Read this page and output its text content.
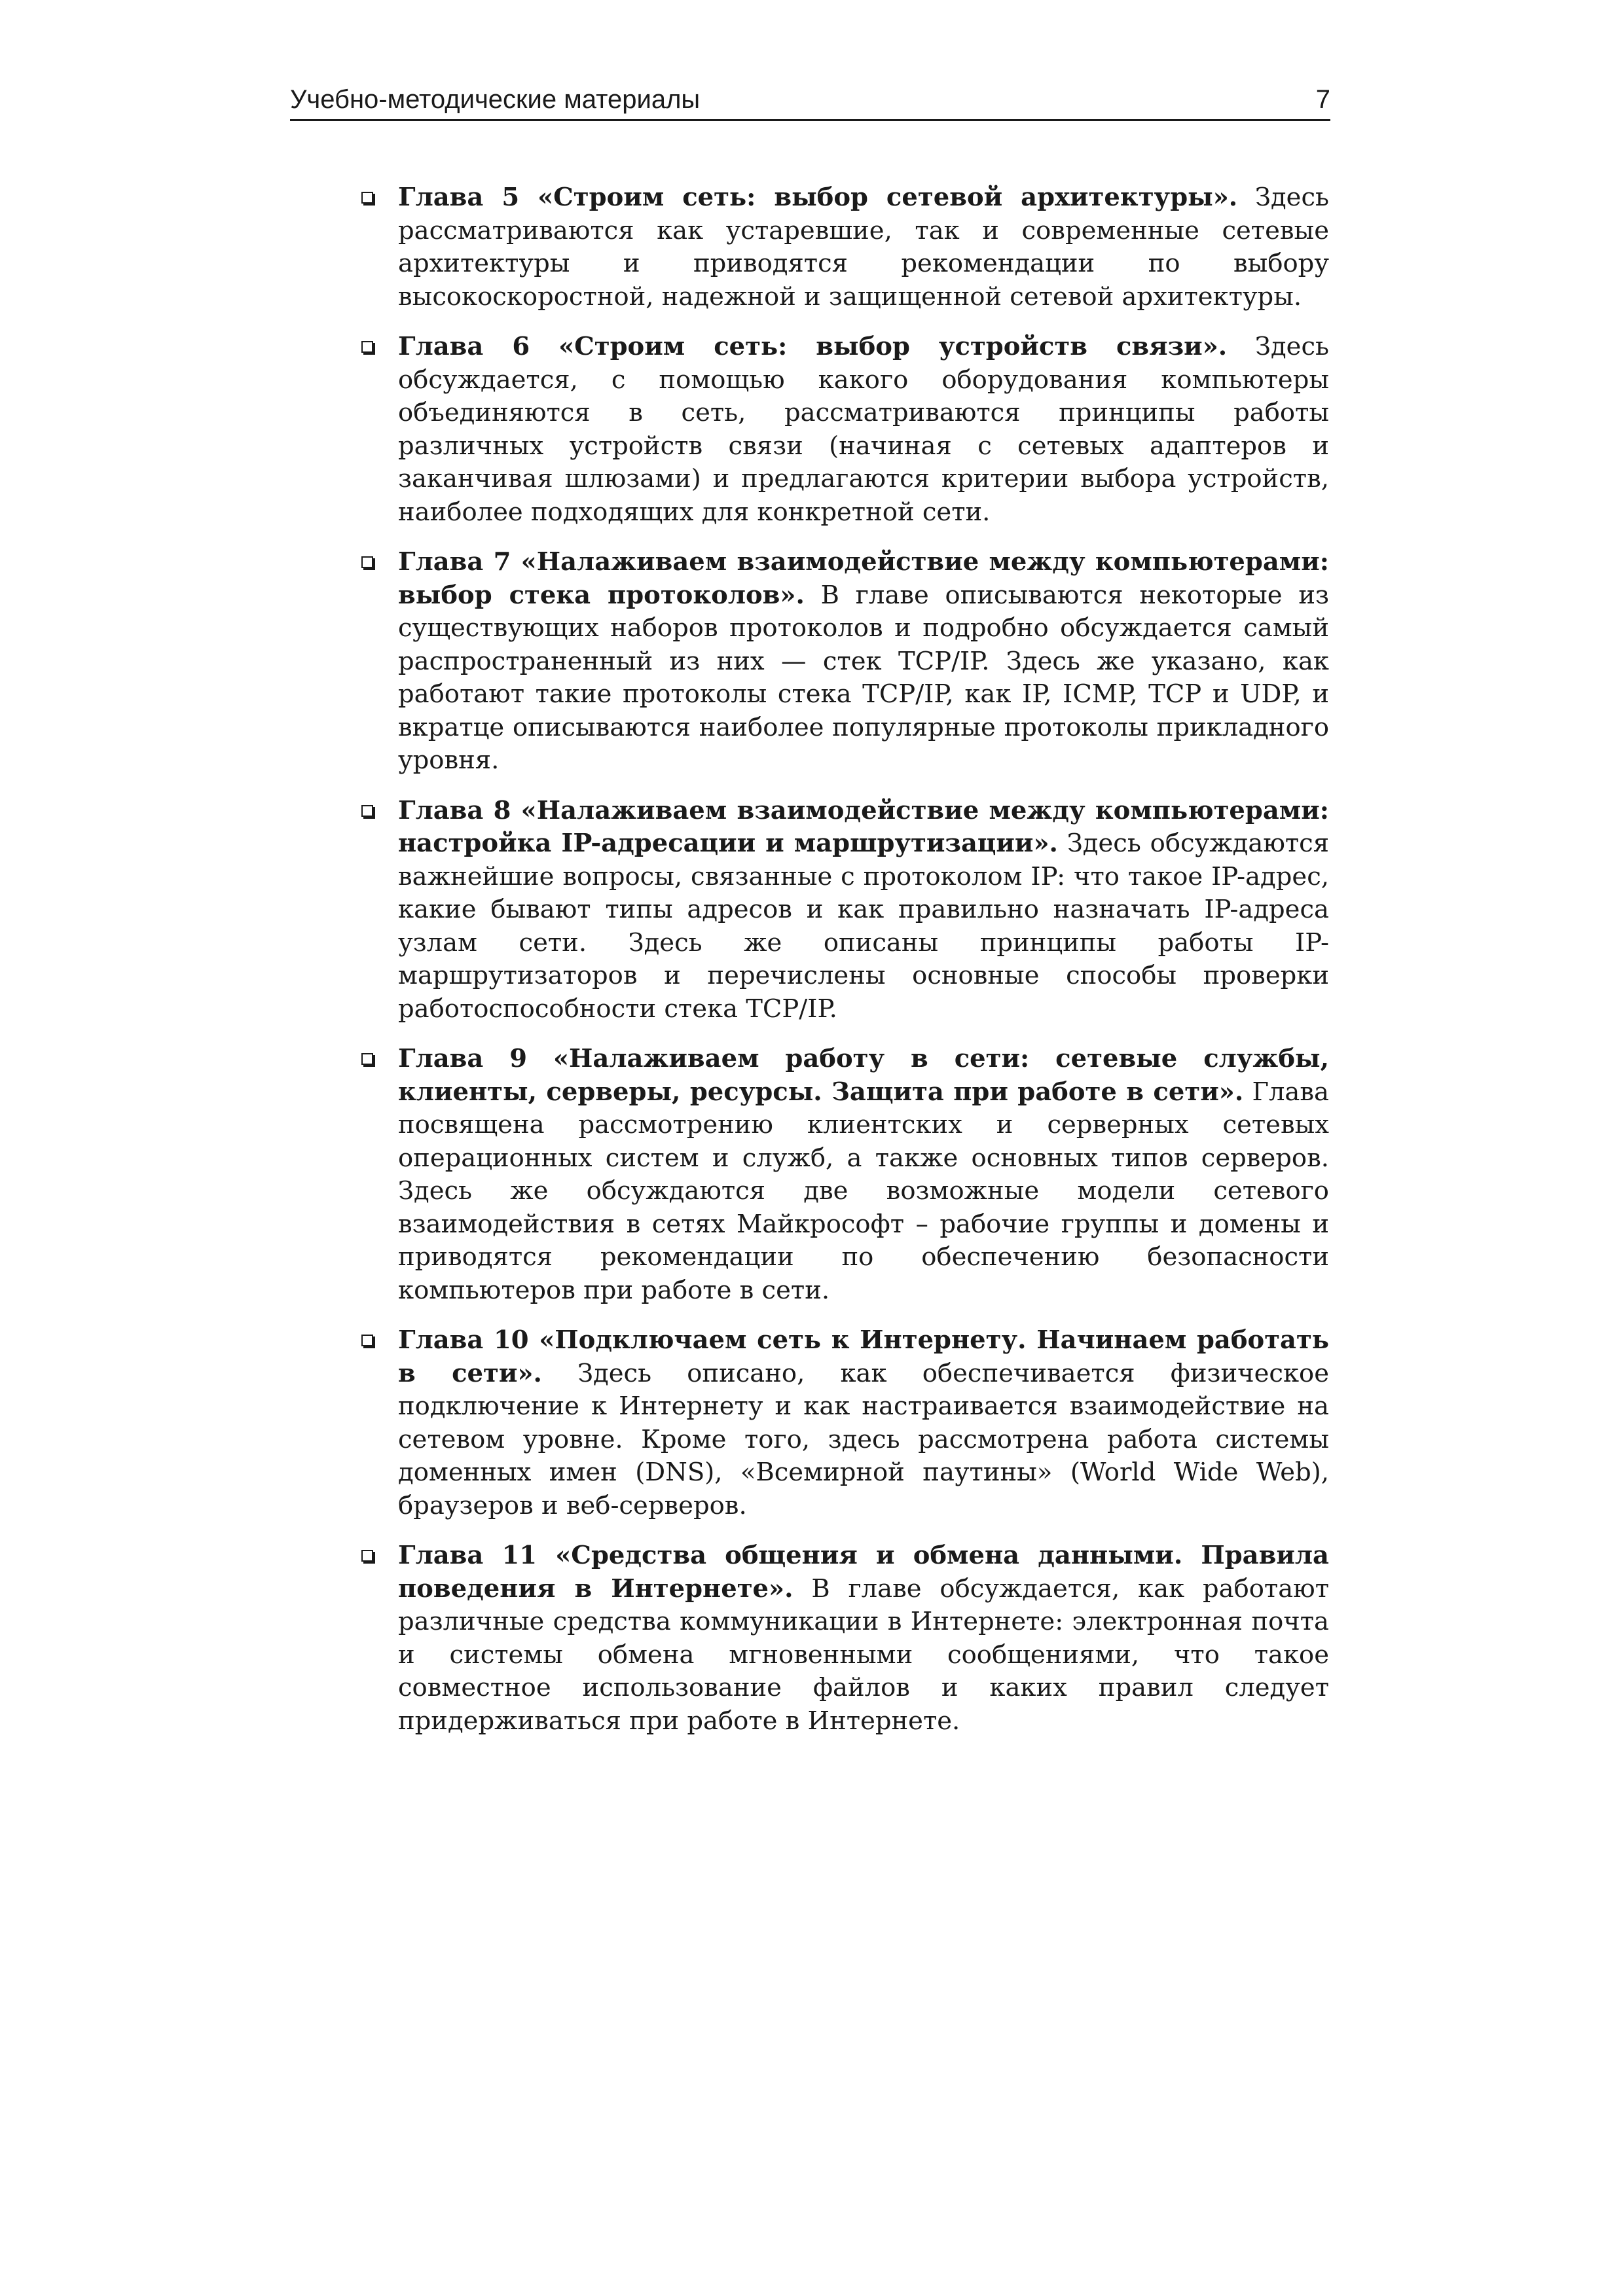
Учебно-методические материалы	7
Глава 5 «Строим сеть: выбор сетевой архитектуры». Здесь рассматриваются как устаревшие, так и современные сетевые архитектуры и приводятся рекомендации по выбору высокоскоростной, надежной и защищенной сетевой архитектуры.
Глава 6 «Строим сеть: выбор устройств связи». Здесь обсуждается, с помощью какого оборудования компьютеры объединяются в сеть, рассматриваются принципы работы различных устройств связи (начиная с сетевых адаптеров и заканчивая шлюзами) и предлагаются критерии выбора устройств, наиболее подходящих для конкретной сети.
Глава 7 «Налаживаем взаимодействие между компьютерами: выбор стека протоколов». В главе описываются некоторые из существующих наборов протоколов и подробно обсуждается самый распространенный из них — стек TCP/IP. Здесь же указано, как работают такие протоколы стека TCP/IP, как IP, ICMP, TCP и UDP, и вкратце описываются наиболее популярные протоколы прикладного уровня.
Глава 8 «Налаживаем взаимодействие между компьютерами: настройка IP-адресации и маршрутизации». Здесь обсуждаются важнейшие вопросы, связанные с протоколом IP: что такое IP-адрес, какие бывают типы адресов и как правильно назначать IP-адреса узлам сети. Здесь же описаны принципы работы IP-маршрутизаторов и перечислены основные способы проверки работоспособности стека TCP/IP.
Глава 9 «Налаживаем работу в сети: сетевые службы, клиенты, серверы, ресурсы. Защита при работе в сети». Глава посвящена рассмотрению клиентских и серверных сетевых операционных систем и служб, а также основных типов серверов. Здесь же обсуждаются две возможные модели сетевого взаимодействия в сетях Майкрософт – рабочие группы и домены и приводятся рекомендации по обеспечению безопасности компьютеров при работе в сети.
Глава 10 «Подключаем сеть к Интернету. Начинаем работать в сети». Здесь описано, как обеспечивается физическое подключение к Интернету и как настраивается взаимодействие на сетевом уровне. Кроме того, здесь рассмотрена работа системы доменных имен (DNS), «Всемирной паутины» (World Wide Web), браузеров и веб-серверов.
Глава 11 «Средства общения и обмена данными. Правила поведения в Интернете». В главе обсуждается, как работают различные средства коммуникации в Интернете: электронная почта и системы обмена мгновенными сообщениями, что такое совместное использование файлов и каких правил следует придерживаться при работе в Интернете.
